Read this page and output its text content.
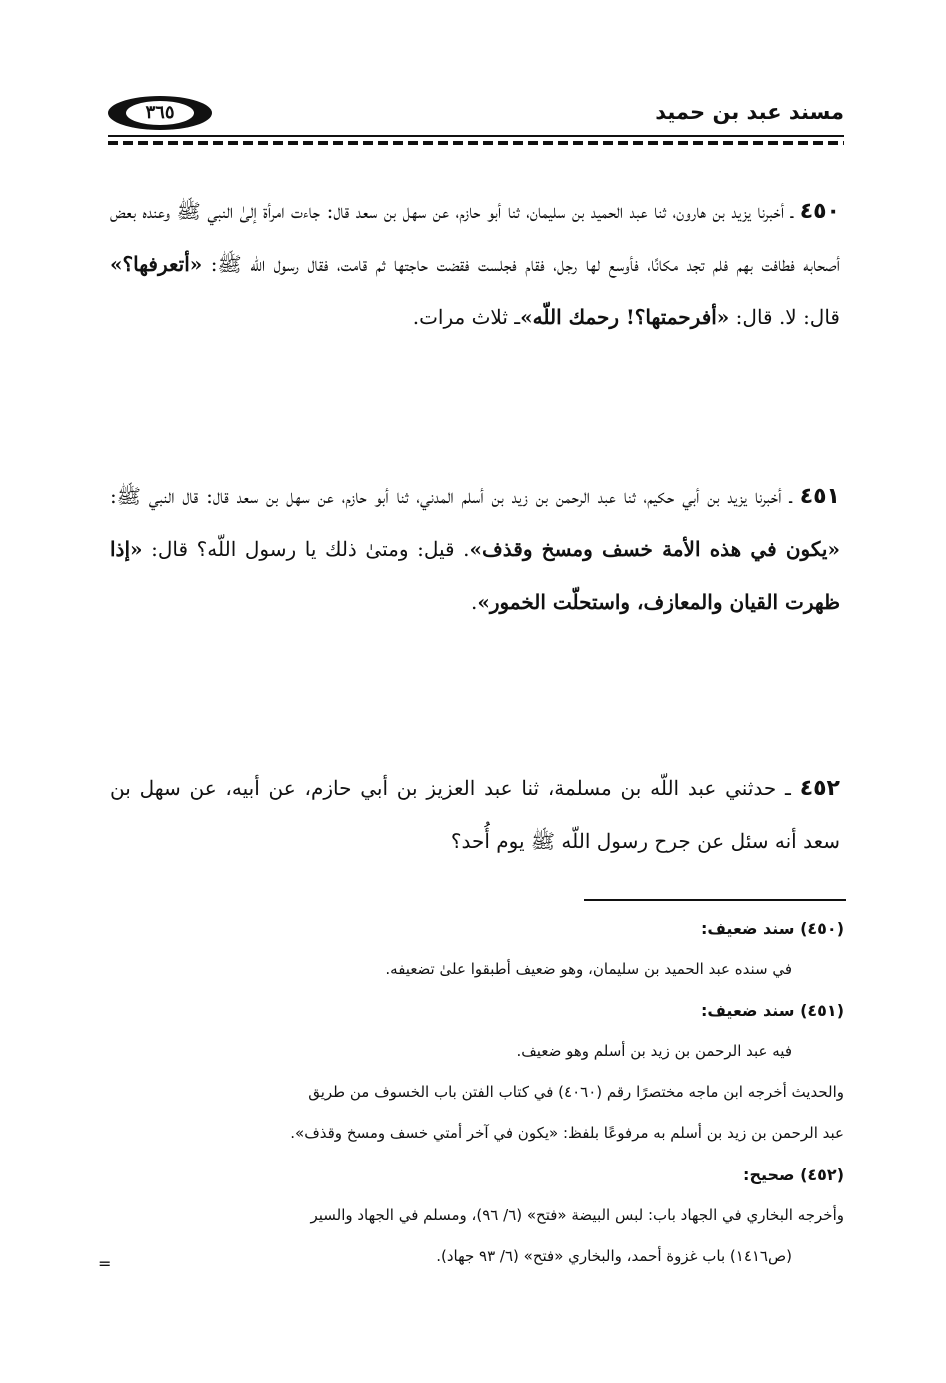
٣٦٥	مسند عبد بن حميد
٤٥٠ ـ أخبرنا يزيد بن هارون، ثنا عبد الحميد بن سليمان، ثنا أبو حازم، عن سهل بن سعد قال: جاءت امرأة إلىٰ النبي ﷺ وعنده بعض أصحابه فطافت بهم فلم تجد مكانًا، فأوسع لها رجل، فقام فجلست فقضت حاجتها ثم قامت، فقال رسول اللّه ﷺ: «أتعرفها؟» قال: لا. قال: «أفرحمتها؟! رحمك اللّه»ـ ثلاث مرات.
٤٥١ ـ أخبرنا يزيد بن أبي حكيم، ثنا عبد الرحمن بن زيد بن أسلم المدني، ثنا أبو حازم، عن سهل بن سعد قال: قال النبي ﷺ: «يكون في هذه الأمة خسف ومسخ وقذف». قيل: ومتىٰ ذلك يا رسول اللّه؟ قال: «إذا ظهرت القيان والمعازف، واستحلّت الخمور».
٤٥٢ ـ حدثني عبد اللّه بن مسلمة، ثنا عبد العزيز بن أبي حازم، عن أبيه، عن سهل بن سعد أنه سئل عن جرح رسول اللّه ﷺ يوم أُحد؟
(٤٥٠) سند ضعيف:
في سنده عبد الحميد بن سليمان، وهو ضعيف أطبقوا علىٰ تضعيفه.
(٤٥١) سند ضعيف:
فيه عبد الرحمن بن زيد بن أسلم وهو ضعيف.
والحديث أخرجه ابن ماجه مختصرًا رقم (٤٠٦٠) في كتاب الفتن باب الخسوف من طريق
عبد الرحمن بن زيد بن أسلم به مرفوعًا بلفظ: «يكون في آخر أمتي خسف ومسخ وقذف».
(٤٥٢) صحيح:
وأخرجه البخاري في الجهاد باب: لبس البيضة «فتح» (٦/ ٩٦)، ومسلم في الجهاد والسير
(ص١٤١٦) باب غزوة أحمد، والبخاري «فتح» (٦/ ٩٣ جهاد).
=
